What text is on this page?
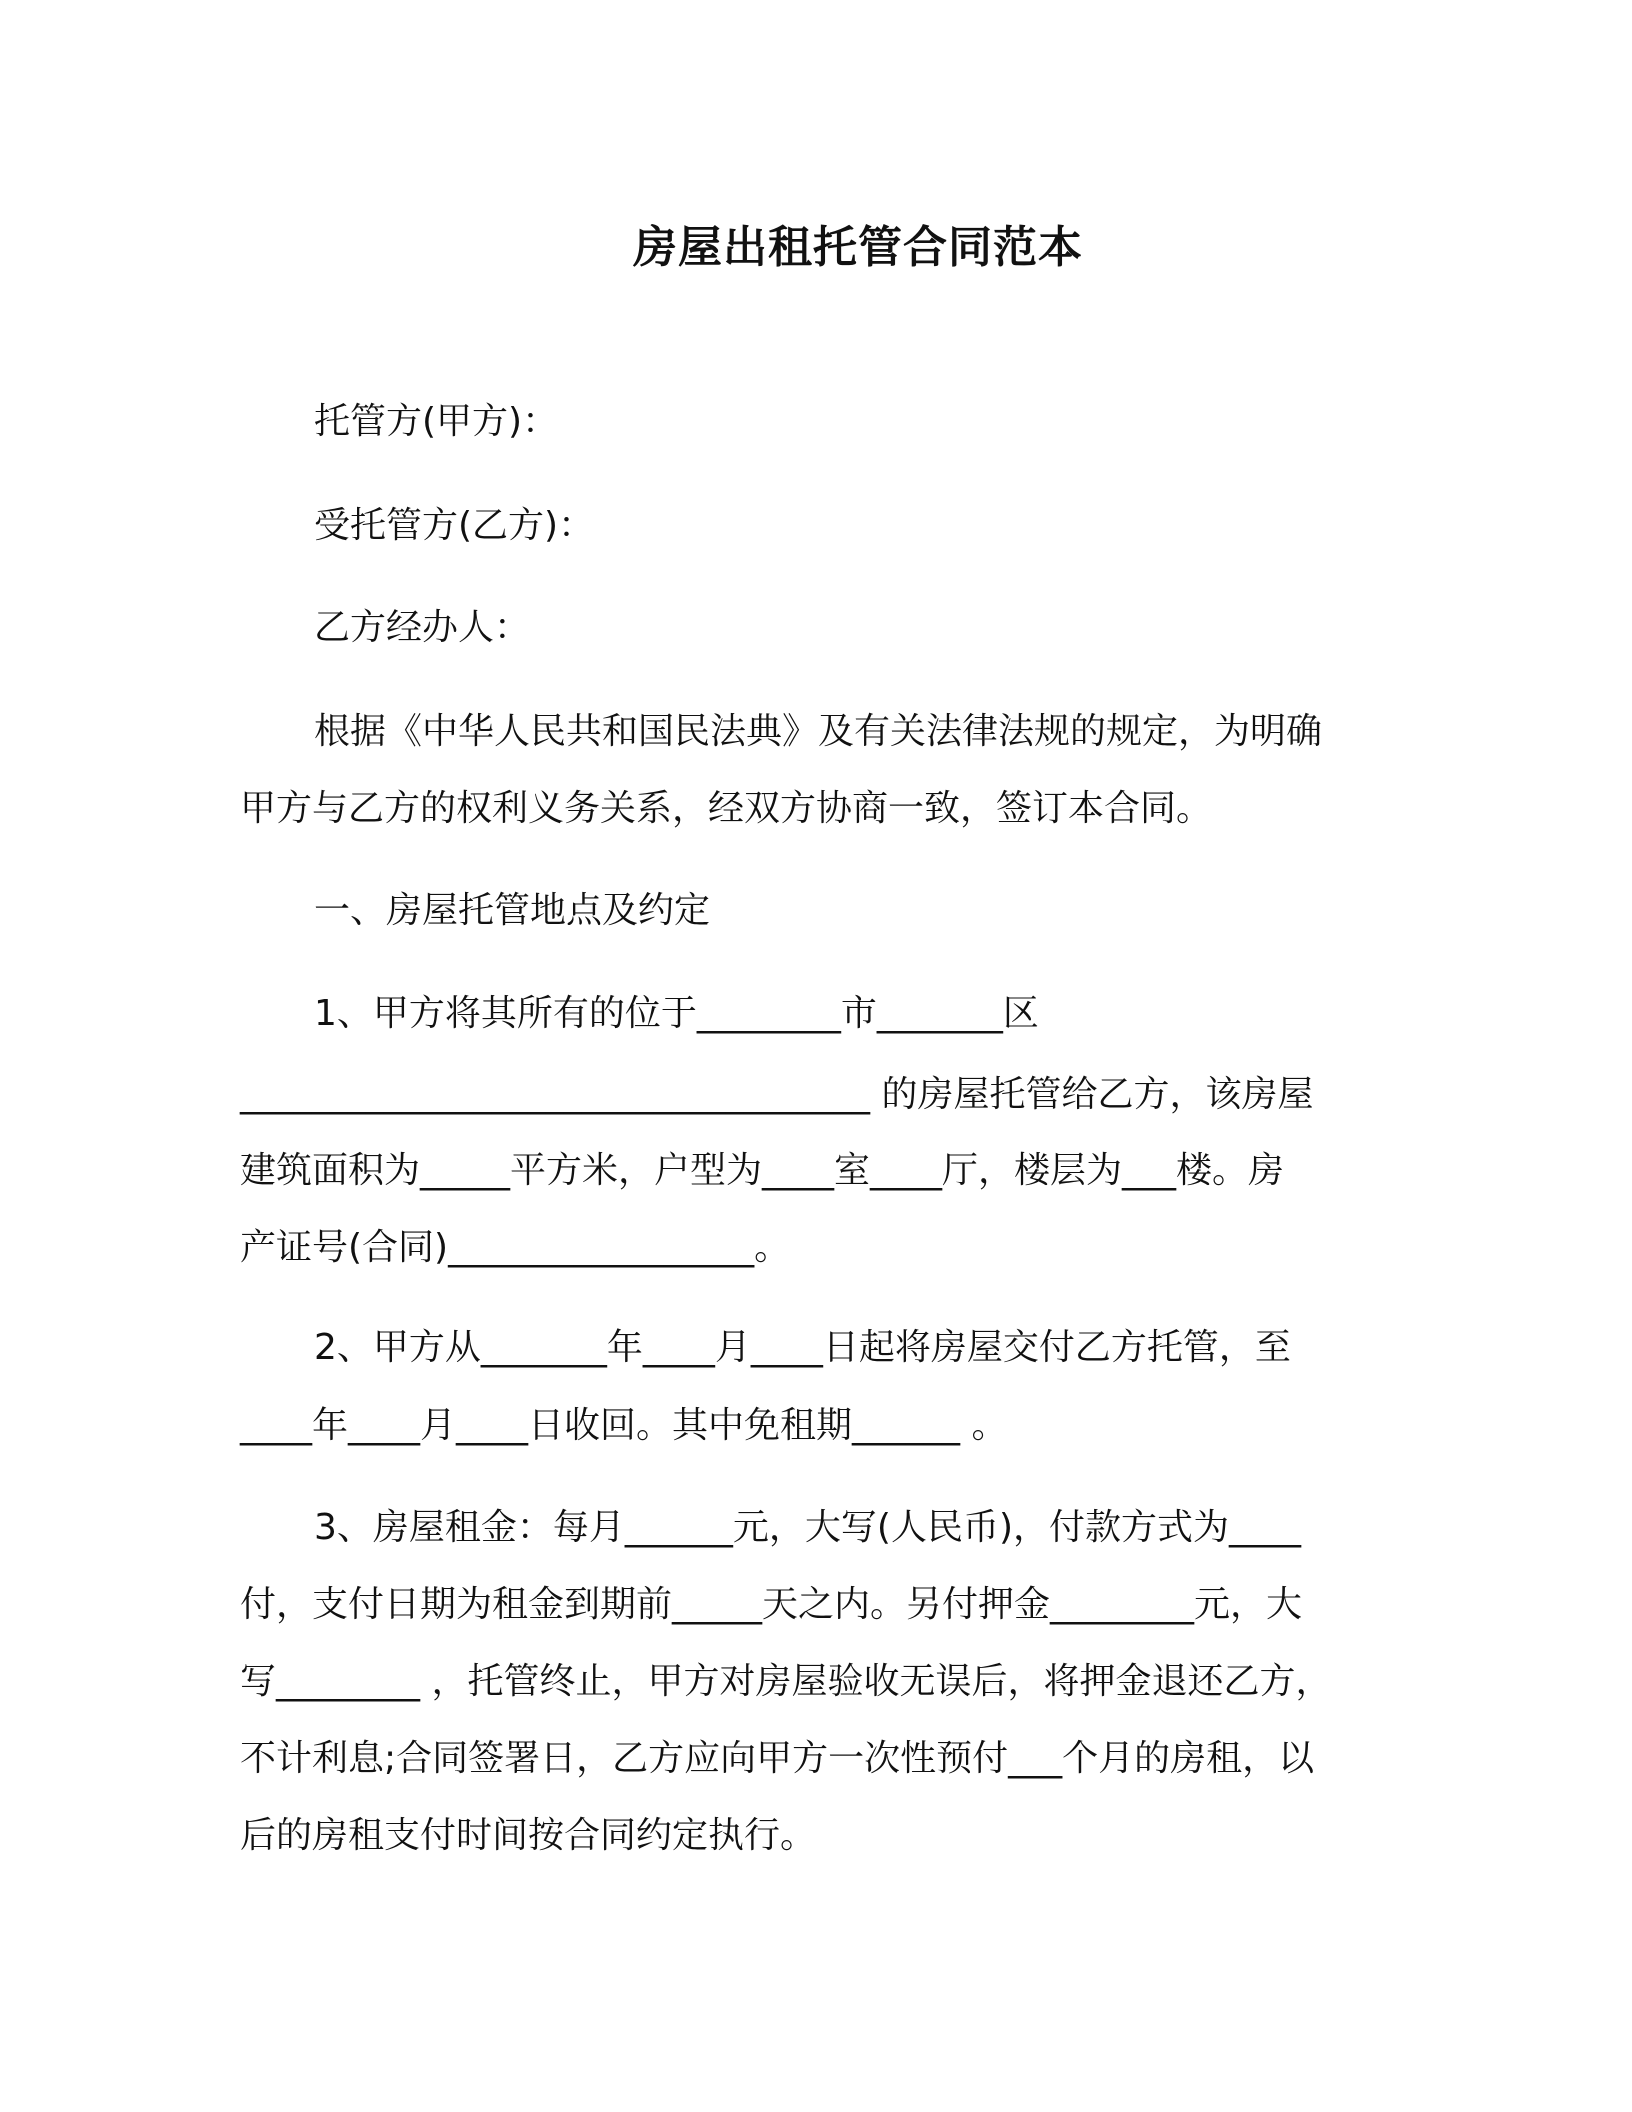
房屋出租托管合同范本
托管方(甲方)：
受托管方(乙方)：
乙方经办人：
根据《中华人民共和国民法典》及有关法律法规的规定，为明确
甲方与乙方的权利义务关系，经双方协商一致，签订本合同。
一、房屋托管地点及约定
1、甲方将其所有的位于________市_______区
___________________________________ 的房屋托管给乙方，该房屋
建筑面积为_____平方米，户型为____室____厅，楼层为___楼。房
产证号(合同)_________________。
2、甲方从_______年____月____日起将房屋交付乙方托管，至
____年____月____日收回。其中免租期______ 。
3、房屋租金：每月______元，大写(人民币)，付款方式为____
付，支付日期为租金到期前_____天之内。另付押金________元，大
写________ ，托管终止，甲方对房屋验收无误后，将押金退还乙方，
不计利息;合同签署日，乙方应向甲方一次性预付___个月的房租，以
后的房租支付时间按合同约定执行。
